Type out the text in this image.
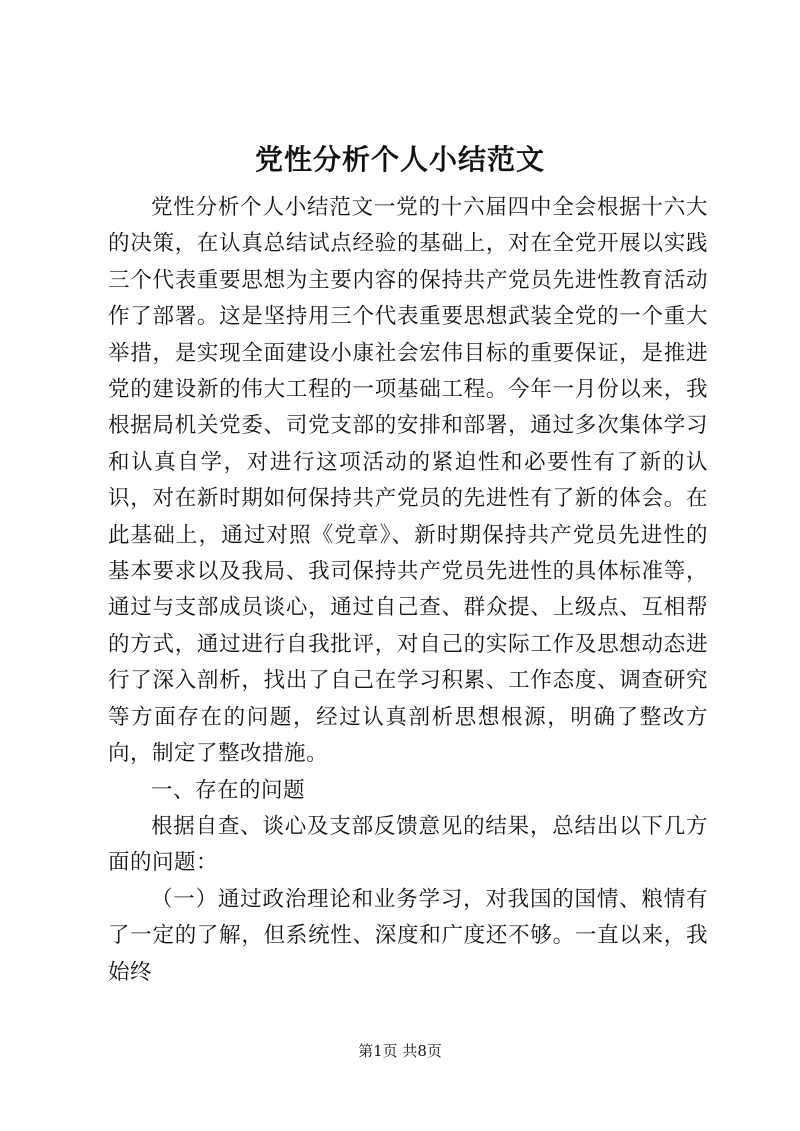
党性分析个人小结范文

党性分析个人小结范文一党的十六届四中全会根据十六大的决策，在认真总结试点经验的基础上，对在全党开展以实践三个代表重要思想为主要内容的保持共产党员先进性教育活动作了部署。这是坚持用三个代表重要思想武装全党的一个重大举措，是实现全面建设小康社会宏伟目标的重要保证，是推进党的建设新的伟大工程的一项基础工程。今年一月份以来，我根据局机关党委、司党支部的安排和部署，通过多次集体学习和认真自学，对进行这项活动的紧迫性和必要性有了新的认识，对在新时期如何保持共产党员的先进性有了新的体会。在此基础上，通过对照《党章》、新时期保持共产党员先进性的基本要求以及我局、我司保持共产党员先进性的具体标准等，通过与支部成员谈心，通过自己查、群众提、上级点、互相帮的方式，通过进行自我批评，对自己的实际工作及思想动态进行了深入剖析，找出了自己在学习积累、工作态度、调查研究等方面存在的问题，经过认真剖析思想根源，明确了整改方向，制定了整改措施。

一、存在的问题

根据自查、谈心及支部反馈意见的结果，总结出以下几方面的问题：

（一）通过政治理论和业务学习，对我国的国情、粮情有了一定的了解，但系统性、深度和广度还不够。一直以来，我始终

第1页 共8页
